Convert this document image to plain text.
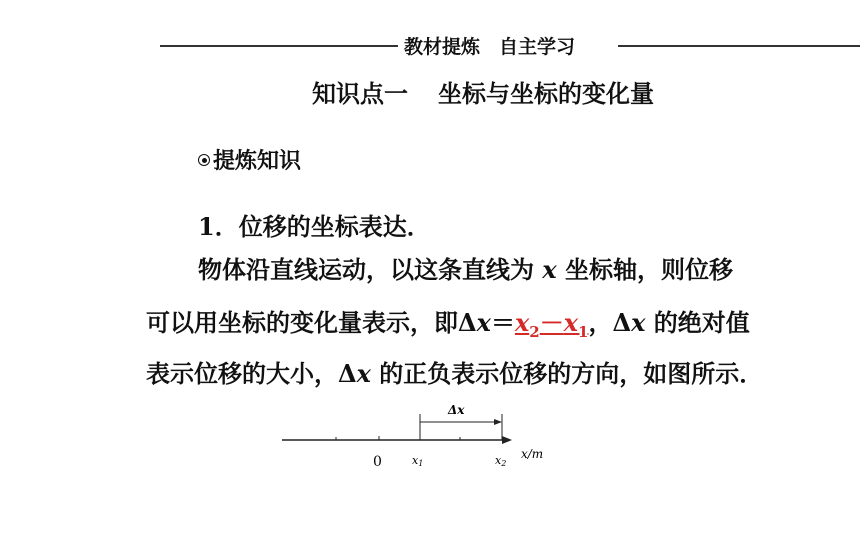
教材提炼　自主学习
知识点一 坐标与坐标的变化量
提炼知识
1．位移的坐标表达．
物体沿直线运动，以这条直线为 x 坐标轴，则位移
可以用坐标的变化量表示，即$\Delta x=x_2-x_1$，Δx 的绝对值
表示位移的大小，Δx 的正负表示位移的方向，如图所示．
Δx
0	x1	x2
x/m
